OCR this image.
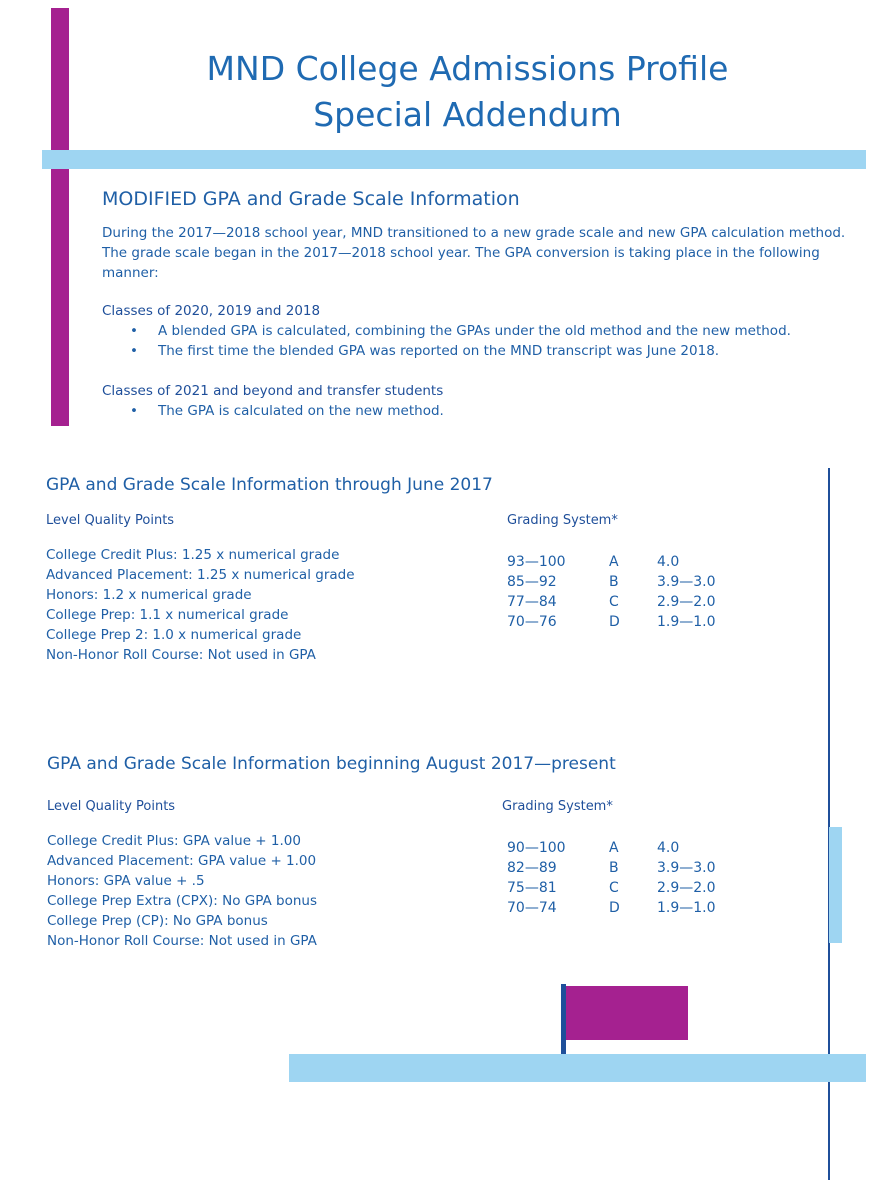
MND College Admissions Profile
Special Addendum
MODIFIED GPA and Grade Scale Information

During the 2017—2018 school year, MND transitioned to a new grade scale and new GPA calculation method. The grade scale began in the 2017—2018 school year. The GPA conversion is taking place in the following manner:

Classes of 2020, 2019 and 2018

• A blended GPA is calculated, combining the GPAs under the old method and the new method.
• The first time the blended GPA was reported on the MND transcript was June 2018.

Classes of 2021 and beyond and transfer students

• The GPA is calculated on the new method.
GPA and Grade Scale Information through June 2017

Level Quality Points

College Credit Plus: 1.25 x numerical grade
Advanced Placement: 1.25 x numerical grade
Honors: 1.2 x numerical grade
College Prep: 1.1 x numerical grade
College Prep 2: 1.0 x numerical grade
Non-Honor Roll Course: Not used in GPA

Grading System*

93—100	A	4.0
85—92	B	3.9—3.0
77—84	C	2.9—2.0
70—76	D	1.9—1.0
GPA and Grade Scale Information beginning August 2017—present

Level Quality Points

College Credit Plus: GPA value + 1.00
Advanced Placement: GPA value + 1.00
Honors: GPA value + .5
College Prep Extra (CPX): No GPA bonus
College Prep (CP): No GPA bonus
Non-Honor Roll Course: Not used in GPA

Grading System*

90—100	A	4.0
82—89	B	3.9—3.0
75—81	C	2.9—2.0
70—74	D	1.9—1.0
